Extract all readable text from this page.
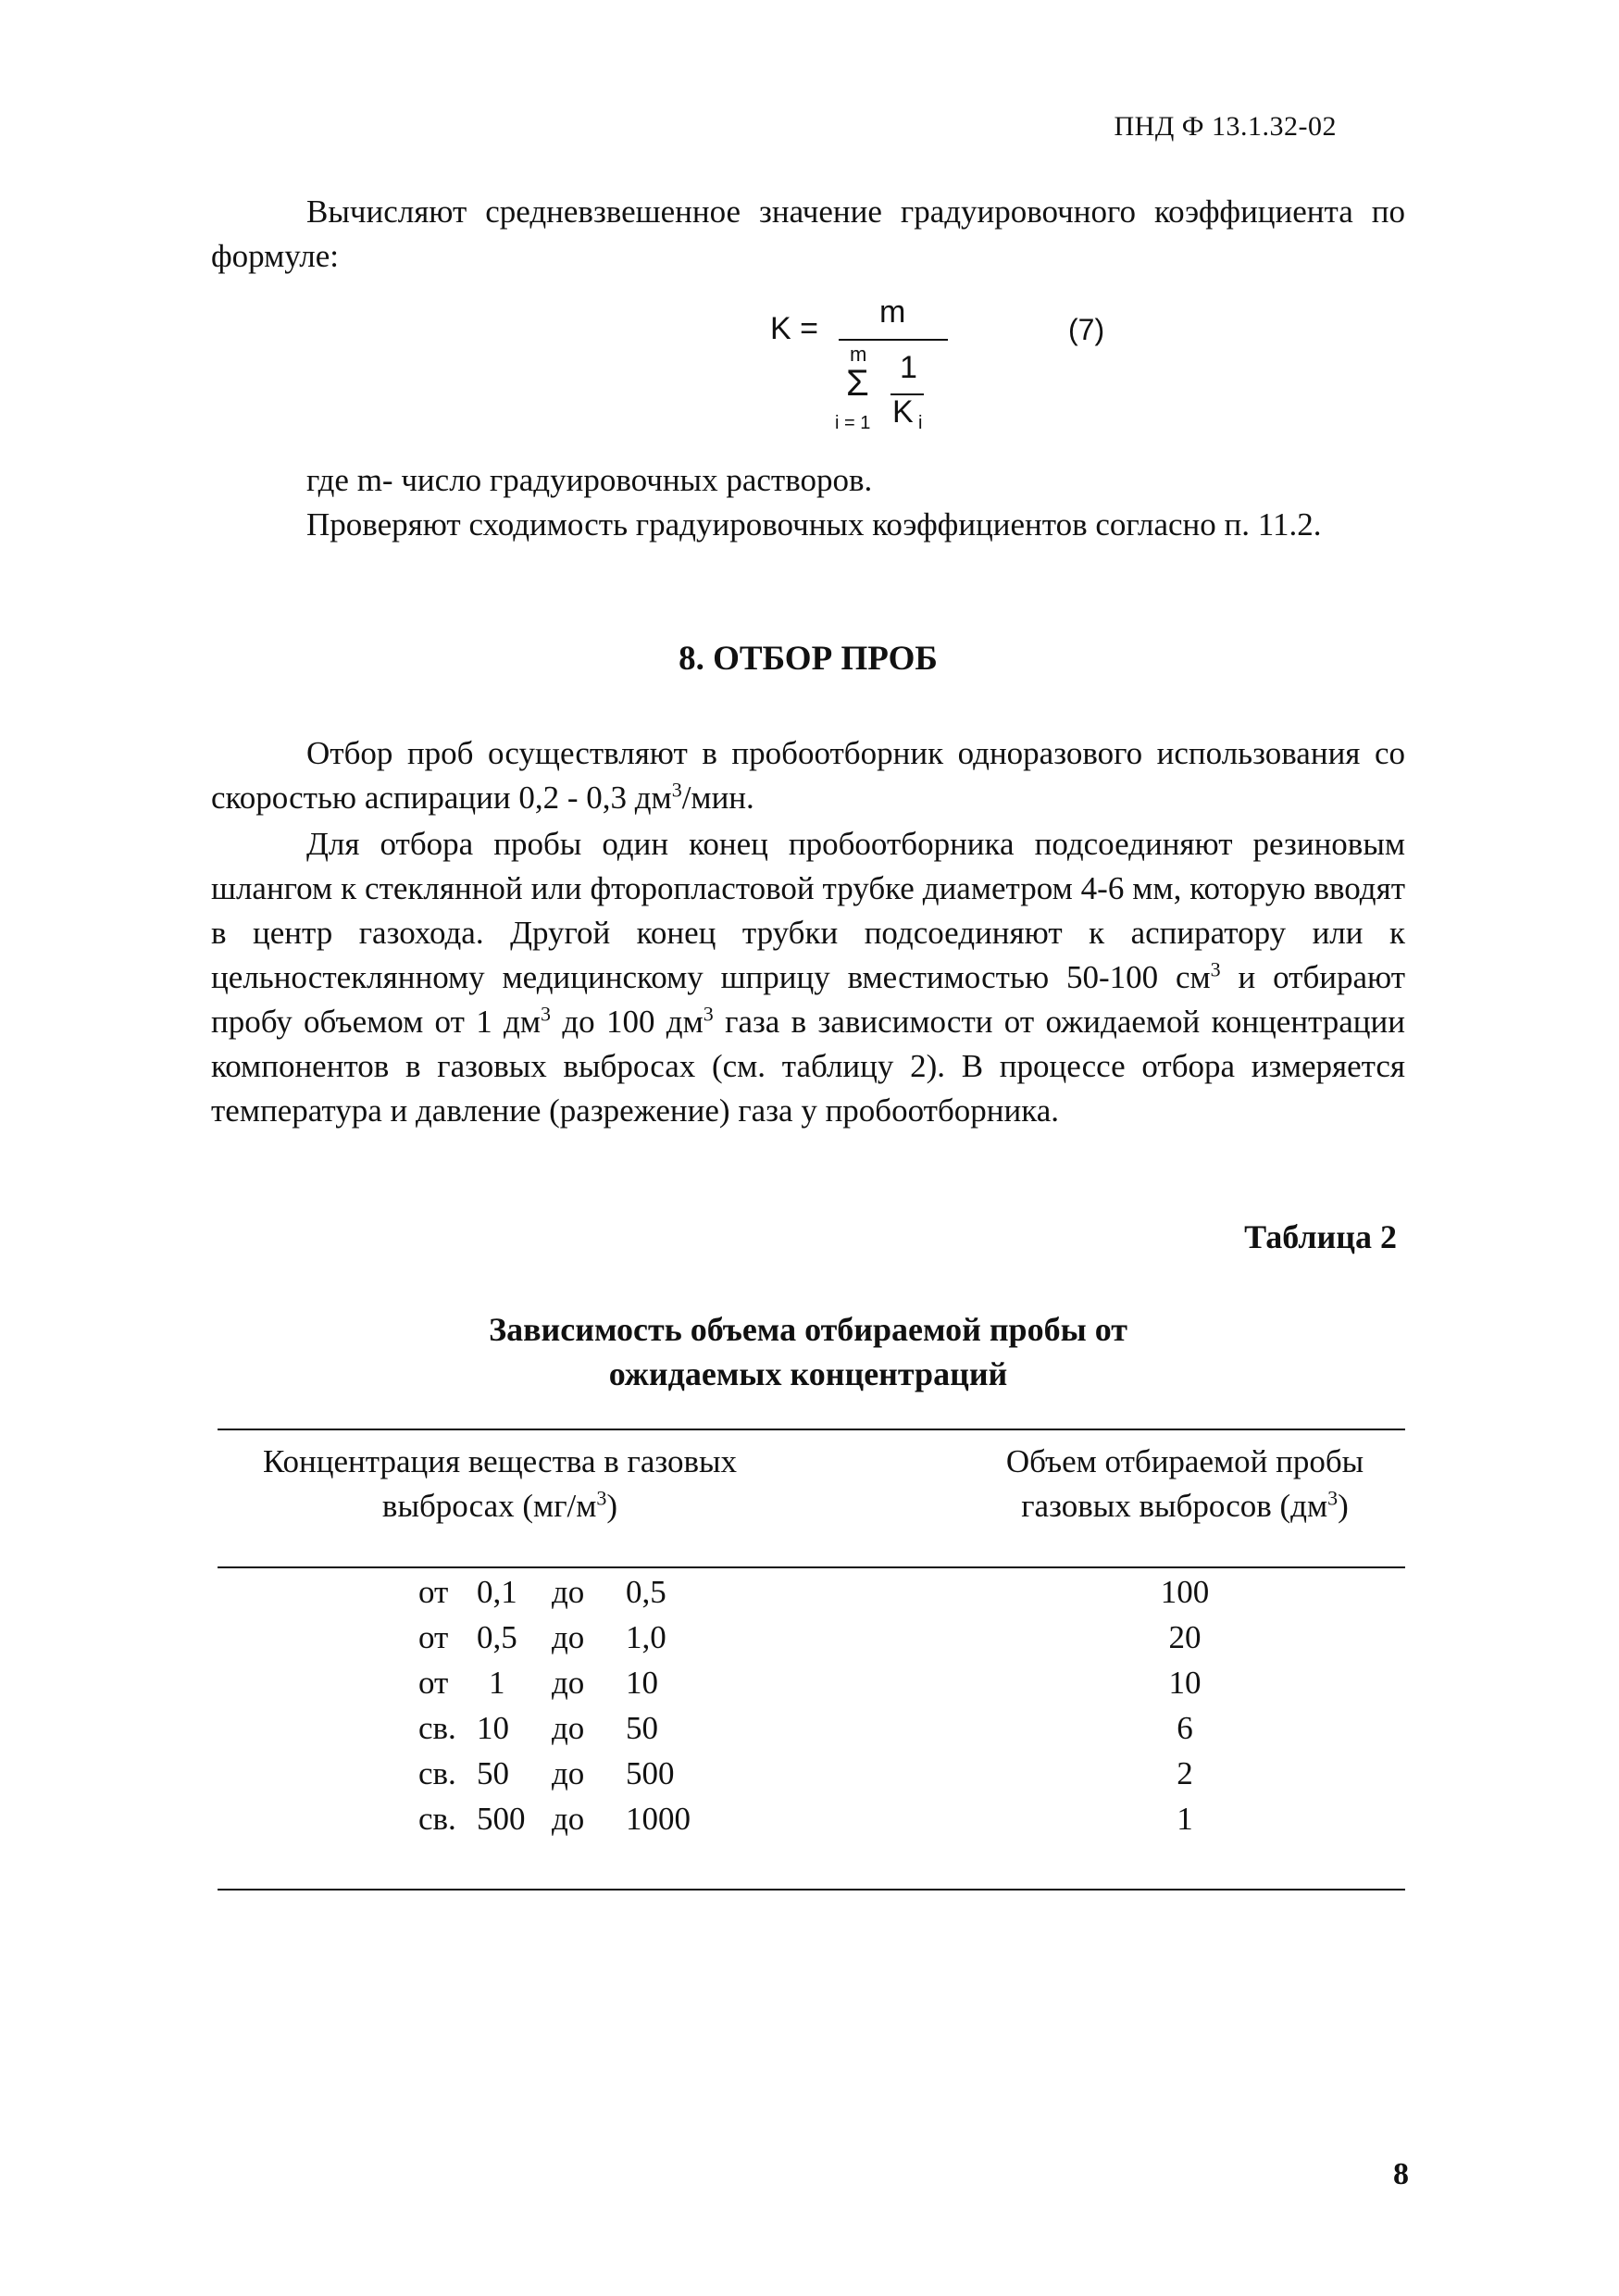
ПНД Ф 13.1.32-02
Вычисляют средневзвешенное значение градуировочного коэффициента по формуле:
K = m
m
Σ 1
K i
i = 1
(7)
где m- число градуировочных растворов.
Проверяют сходимость градуировочных коэффициентов согласно п. 11.2.
8. ОТБОР ПРОБ
Отбор проб осуществляют в пробоотборник одноразового использования со скоростью аспирации 0,2 - 0,3 $дм^3$/мин.
Для отбора пробы один конец пробоотборника подсоединяют резиновым шлангом к стеклянной или фторопластовой трубке диаметром 4-6 мм, которую вводят в центр газохода. Другой конец трубки подсоединяют к аспиратору или к цельностеклянному медицинскому шприцу вместимостью 50-100 $см^3$ и отбирают пробу объемом от 1 $дм^3$ до 100 $дм^3$ газа в зависимости от ожидаемой концентрации компонентов в газовых выбросах (см. таблицу 2). В процессе отбора измеряется температура и давление (разрежение) газа у пробоотборника.
Таблица 2
Зависимость объема отбираемой пробы от
ожидаемых концентраций
Концентрация вещества в газовых
выбросах $(мг/м^3)$
Объем отбираемой пробы
газовых выбросов $(дм^3)$
от 0,1 до 0,5	100
от 0,5 до 1,0	20
от 1 до 10	10
св. 10 до 50	6
св. 50 до 500	2
св. 500 до 1000	1
8
